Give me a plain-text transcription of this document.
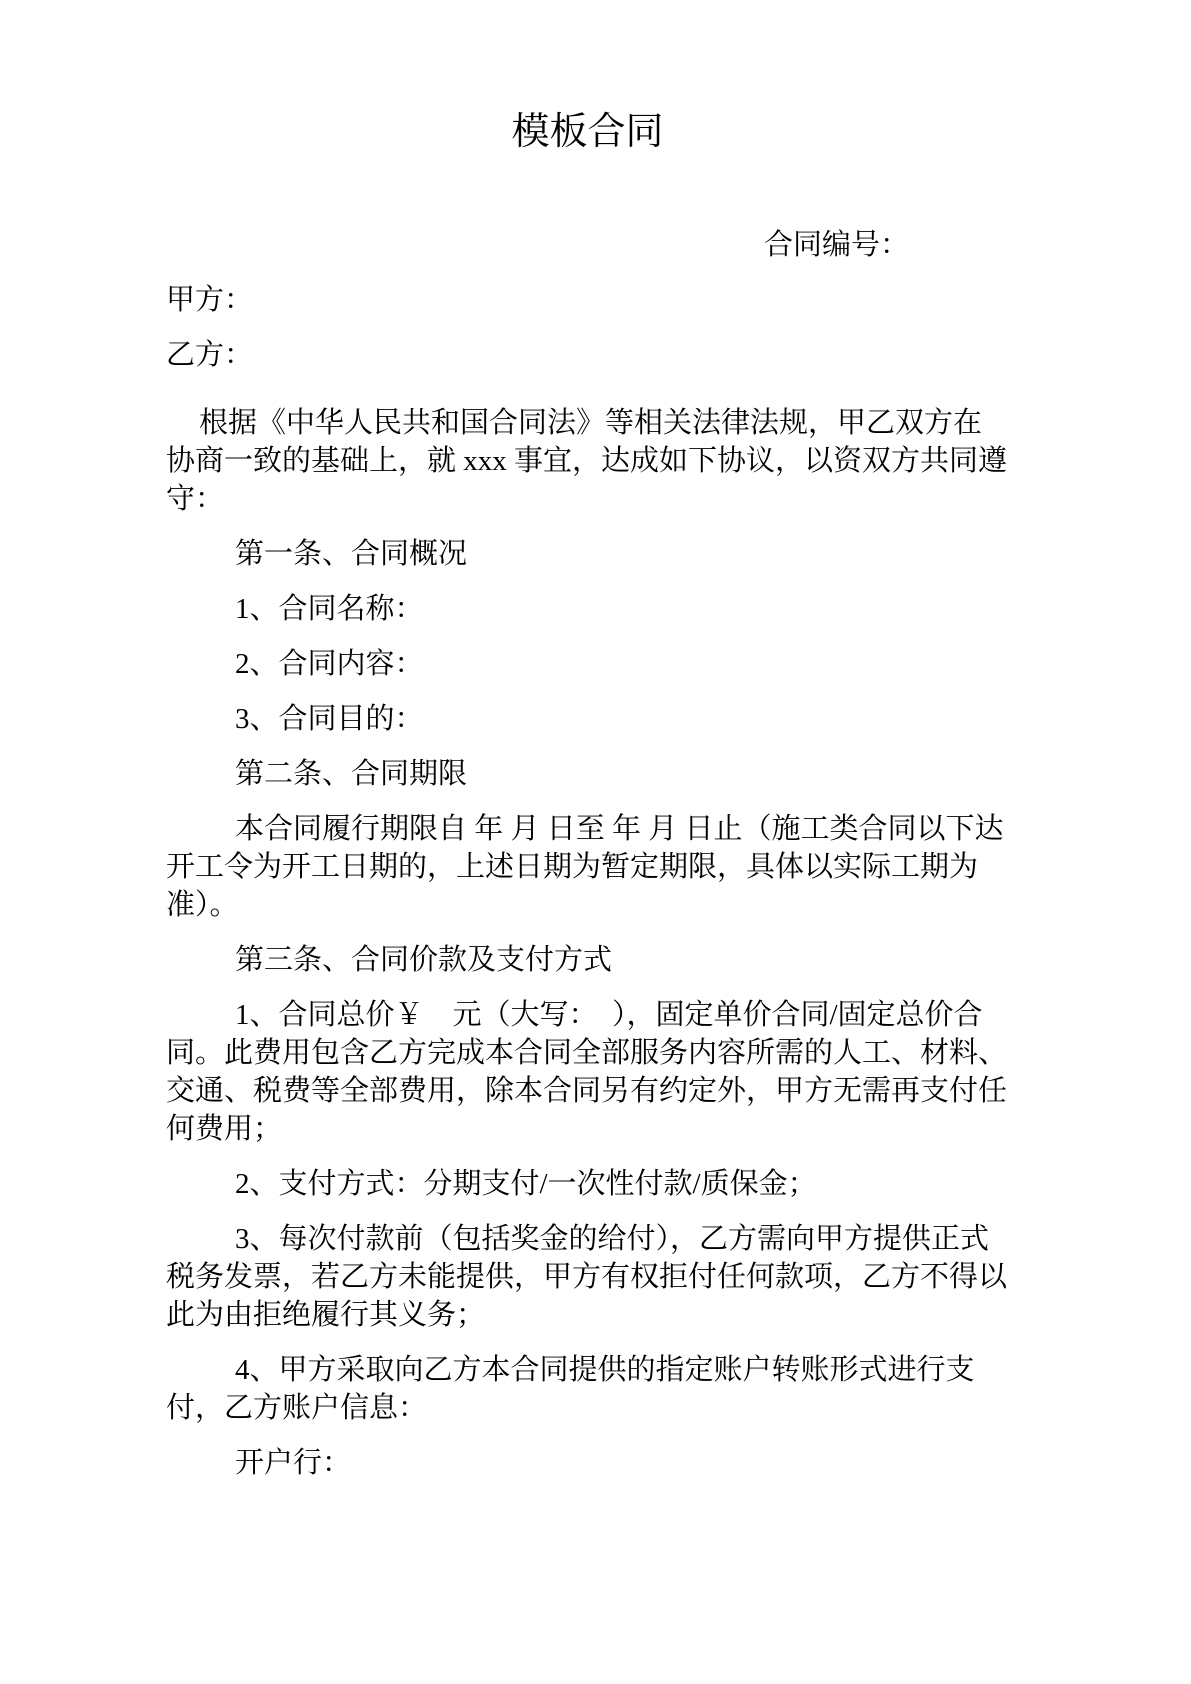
模板合同

合同编号：

甲方：

乙方：

根据《中华人民共和国合同法》等相关法律法规，甲乙双方在协商一致的基础上，就 xxx 事宜，达成如下协议，以资双方共同遵守：

第一条、合同概况

1、合同名称：

2、合同内容：

3、合同目的：

第二条、合同期限

本合同履行期限自 年 月 日至 年 月 日止（施工类合同以下达开工令为开工日期的，上述日期为暂定期限，具体以实际工期为准）。

第三条、合同价款及支付方式

1、合同总价￥　元（大写：　），固定单价合同/固定总价合同。此费用包含乙方完成本合同全部服务内容所需的人工、材料、交通、税费等全部费用，除本合同另有约定外，甲方无需再支付任何费用；

2、支付方式：分期支付/一次性付款/质保金；

3、每次付款前（包括奖金的给付），乙方需向甲方提供正式税务发票，若乙方未能提供，甲方有权拒付任何款项，乙方不得以此为由拒绝履行其义务；

4、甲方采取向乙方本合同提供的指定账户转账形式进行支付，乙方账户信息：

开户行：
